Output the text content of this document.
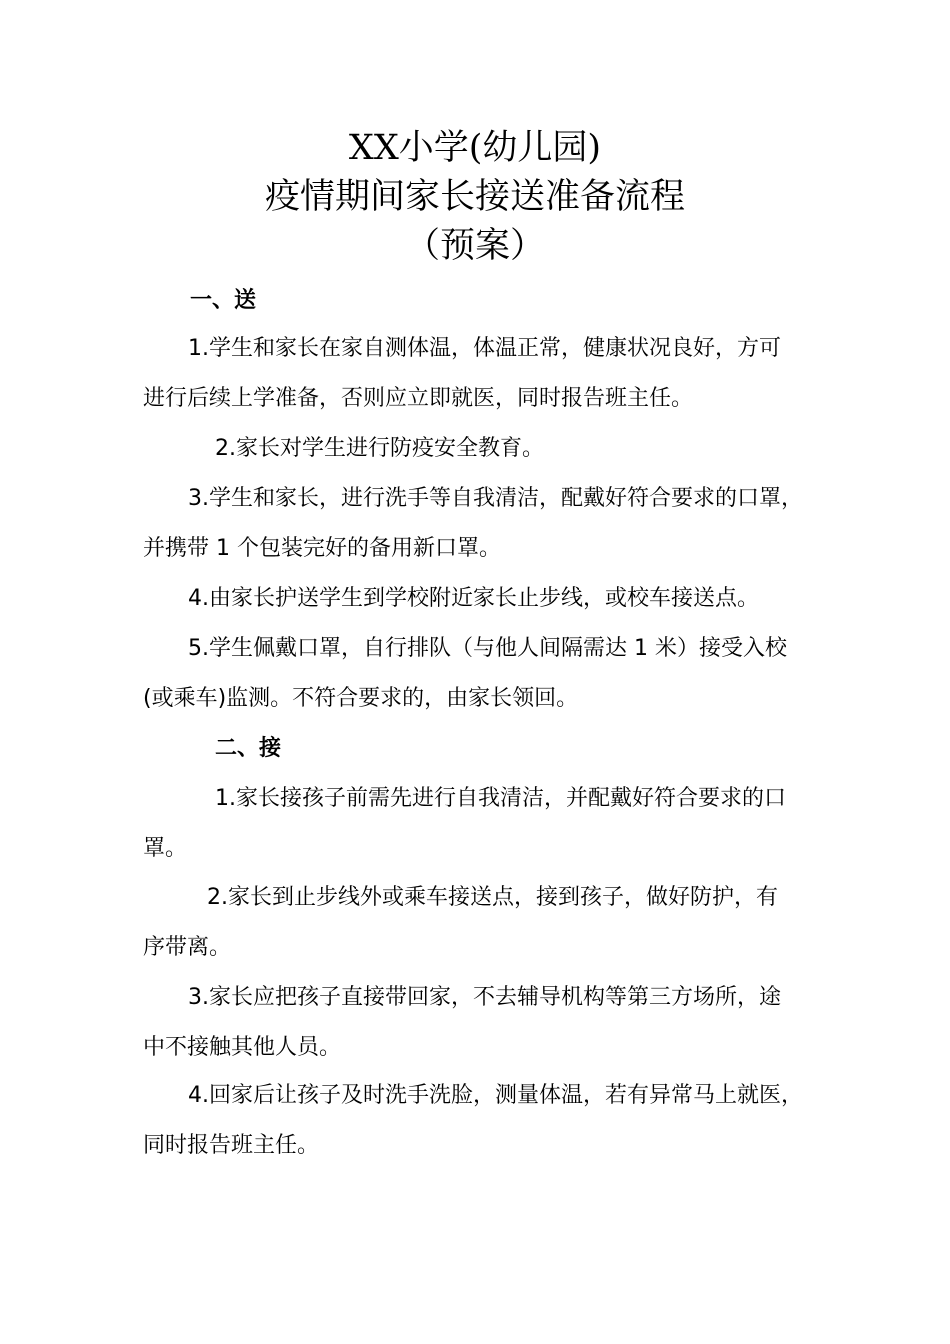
XX小学(幼儿园)
疫情期间家长接送准备流程
（预案）
一、送
1.学生和家长在家自测体温，体温正常，健康状况良好，方可
进行后续上学准备，否则应立即就医，同时报告班主任。
2.家长对学生进行防疫安全教育。
3.学生和家长，进行洗手等自我清洁，配戴好符合要求的口罩，
并携带 1 个包装完好的备用新口罩。
4.由家长护送学生到学校附近家长止步线，或校车接送点。
5.学生佩戴口罩，自行排队（与他人间隔需达 1 米）接受入校
(或乘车)监测。不符合要求的，由家长领回。
二、接
1.家长接孩子前需先进行自我清洁，并配戴好符合要求的口
罩。
2.家长到止步线外或乘车接送点，接到孩子，做好防护，有
序带离。
3.家长应把孩子直接带回家，不去辅导机构等第三方场所，途
中不接触其他人员。
4.回家后让孩子及时洗手洗脸，测量体温，若有异常马上就医，
同时报告班主任。
